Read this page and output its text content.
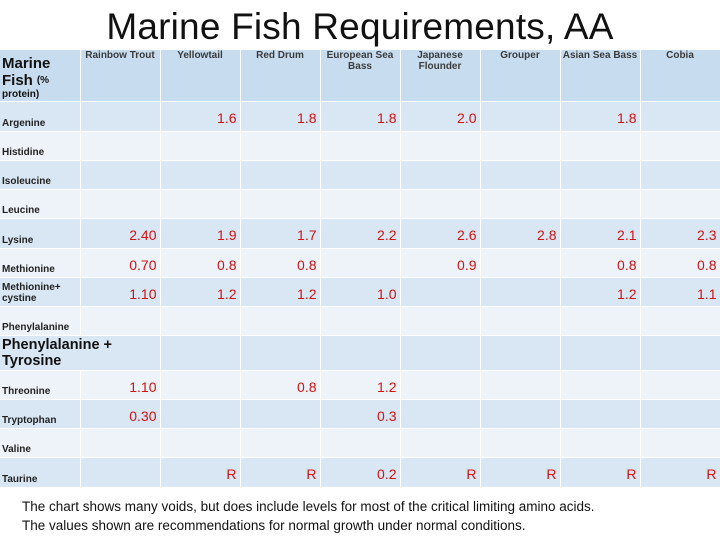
Marine Fish Requirements, AA
Marine Fish (%
protein)	Rainbow Trout	Yellowtail	Red Drum	European Sea Bass	Japanese Flounder	Grouper	Asian Sea Bass	Cobia
Argenine		1.6	1.8	1.8	2.0		1.8	
Histidine								
Isoleucine								
Leucine								
Lysine	2.40	1.9	1.7	2.2	2.6	2.8	2.1	2.3
Methionine	0.70	0.8	0.8		0.9		0.8	0.8
Methionine+ cystine	1.10	1.2	1.2	1.0			1.2	1.1
Phenylalanine								
Phenylalanine + Tyrosine								
Threonine	1.10		0.8	1.2				
Tryptophan	0.30			0.3				
Valine								
Taurine		R	R	0.2	R	R	R	R
The chart shows many voids, but does include levels for most of the critical limiting amino acids.
The values shown are recommendations for normal growth under normal conditions.
